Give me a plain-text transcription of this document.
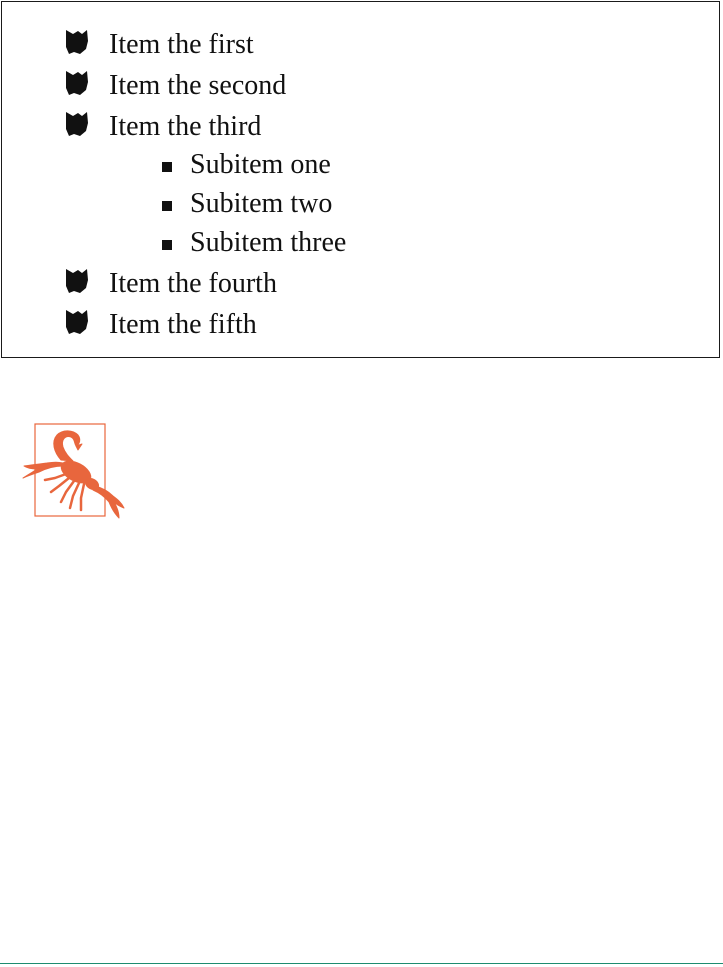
Item the first
Item the second
Item the third
Subitem one
Subitem two
Subitem three
Item the fourth
Item the fifth
